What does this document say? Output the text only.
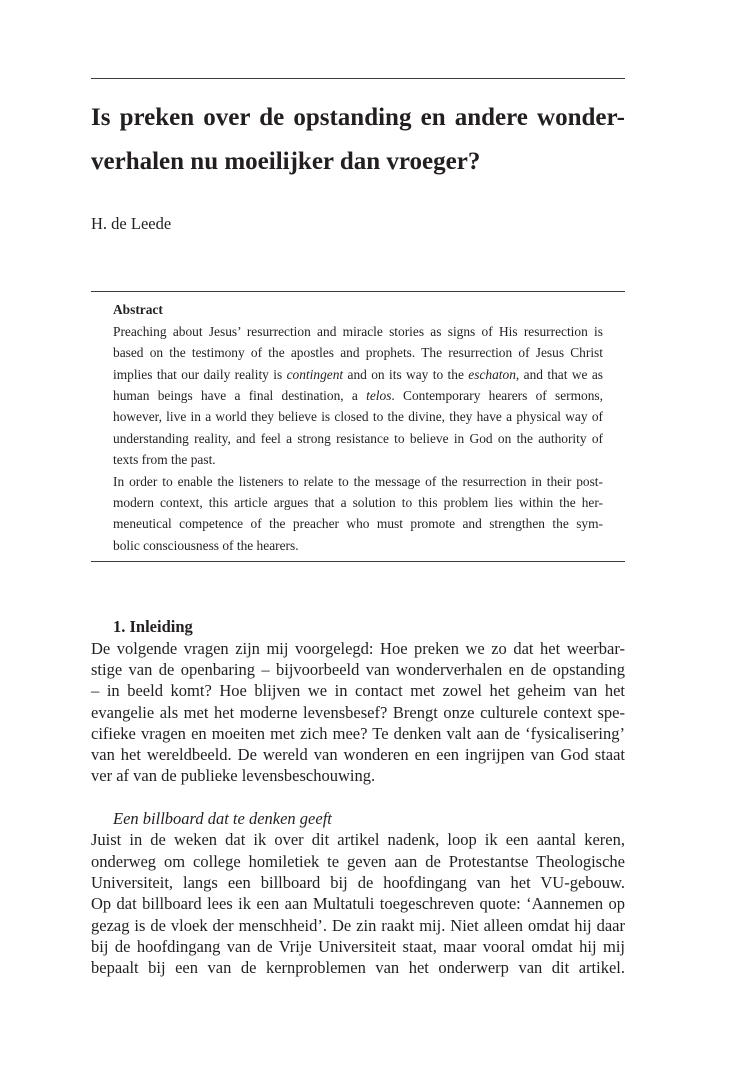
Is preken over de opstanding en andere wonder-
verhalen nu moeilijker dan vroeger?
H. de Leede
Abstract
Preaching about Jesus’ resurrection and miracle stories as signs of His resurrection is
based on the testimony of the apostles and prophets. The resurrection of Jesus Christ
implies that our daily reality is contingent and on its way to the eschaton, and that we as
human beings have a final destination, a telos. Contemporary hearers of sermons,
however, live in a world they believe is closed to the divine, they have a physical way of
understanding reality, and feel a strong resistance to believe in God on the authority of
texts from the past.
In order to enable the listeners to relate to the message of the resurrection in their post-
modern context, this article argues that a solution to this problem lies within the her-
meneutical competence of the preacher who must promote and strengthen the sym-
bolic consciousness of the hearers.
1. Inleiding
De volgende vragen zijn mij voorgelegd: Hoe preken we zo dat het weerbar-
stige van de openbaring – bijvoorbeeld van wonderverhalen en de opstanding
– in beeld komt? Hoe blijven we in contact met zowel het geheim van het
evangelie als met het moderne levensbesef? Brengt onze culturele context spe-
cifieke vragen en moeiten met zich mee? Te denken valt aan de ‘fysicalisering’
van het wereldbeeld. De wereld van wonderen en een ingrijpen van God staat
ver af van de publieke levensbeschouwing.
Een billboard dat te denken geeft
Juist in de weken dat ik over dit artikel nadenk, loop ik een aantal keren,
onderweg om college homiletiek te geven aan de Protestantse Theologische
Universiteit, langs een billboard bij de hoofdingang van het VU-gebouw.
Op dat billboard lees ik een aan Multatuli toegeschreven quote: ‘Aannemen op
gezag is de vloek der menschheid’. De zin raakt mij. Niet alleen omdat hij daar
bij de hoofdingang van de Vrije Universiteit staat, maar vooral omdat hij mij
bepaalt bij een van de kernproblemen van het onderwerp van dit artikel.
